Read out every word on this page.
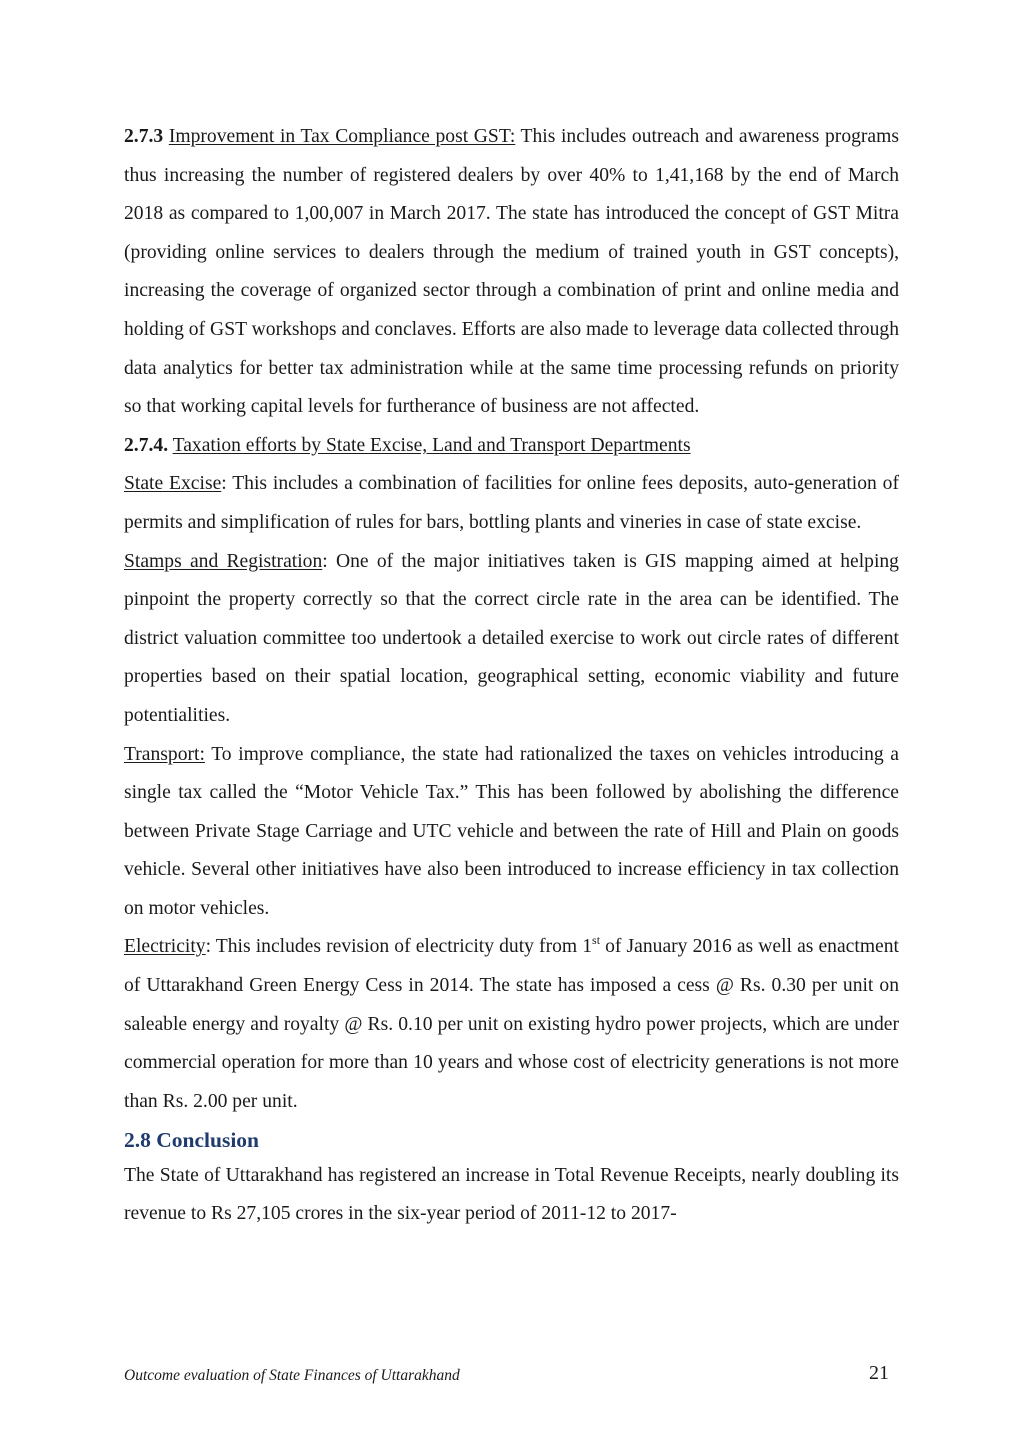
2.7.3 Improvement in Tax Compliance post GST: This includes outreach and awareness programs thus increasing the number of registered dealers by over 40% to 1,41,168 by the end of March 2018 as compared to 1,00,007 in March 2017. The state has introduced the concept of GST Mitra (providing online services to dealers through the medium of trained youth in GST concepts), increasing the coverage of organized sector through a combination of print and online media and holding of GST workshops and conclaves. Efforts are also made to leverage data collected through data analytics for better tax administration while at the same time processing refunds on priority so that working capital levels for furtherance of business are not affected.

2.7.4. Taxation efforts by State Excise, Land and Transport Departments

State Excise: This includes a combination of facilities for online fees deposits, auto-generation of permits and simplification of rules for bars, bottling plants and vineries in case of state excise.

Stamps and Registration: One of the major initiatives taken is GIS mapping aimed at helping pinpoint the property correctly so that the correct circle rate in the area can be identified. The district valuation committee too undertook a detailed exercise to work out circle rates of different properties based on their spatial location, geographical setting, economic viability and future potentialities.

Transport: To improve compliance, the state had rationalized the taxes on vehicles introducing a single tax called the “Motor Vehicle Tax.” This has been followed by abolishing the difference between Private Stage Carriage and UTC vehicle and between the rate of Hill and Plain on goods vehicle. Several other initiatives have also been introduced to increase efficiency in tax collection on motor vehicles.

Electricity: This includes revision of electricity duty from 1st of January 2016 as well as enactment of Uttarakhand Green Energy Cess in 2014. The state has imposed a cess @ Rs. 0.30 per unit on saleable energy and royalty @ Rs. 0.10 per unit on existing hydro power projects, which are under commercial operation for more than 10 years and whose cost of electricity generations is not more than Rs. 2.00 per unit.

2.8 Conclusion

The State of Uttarakhand has registered an increase in Total Revenue Receipts, nearly doubling its revenue to Rs 27,105 crores in the six-year period of 2011-12 to 2017-

Outcome evaluation of State Finances of Uttarakhand	21
